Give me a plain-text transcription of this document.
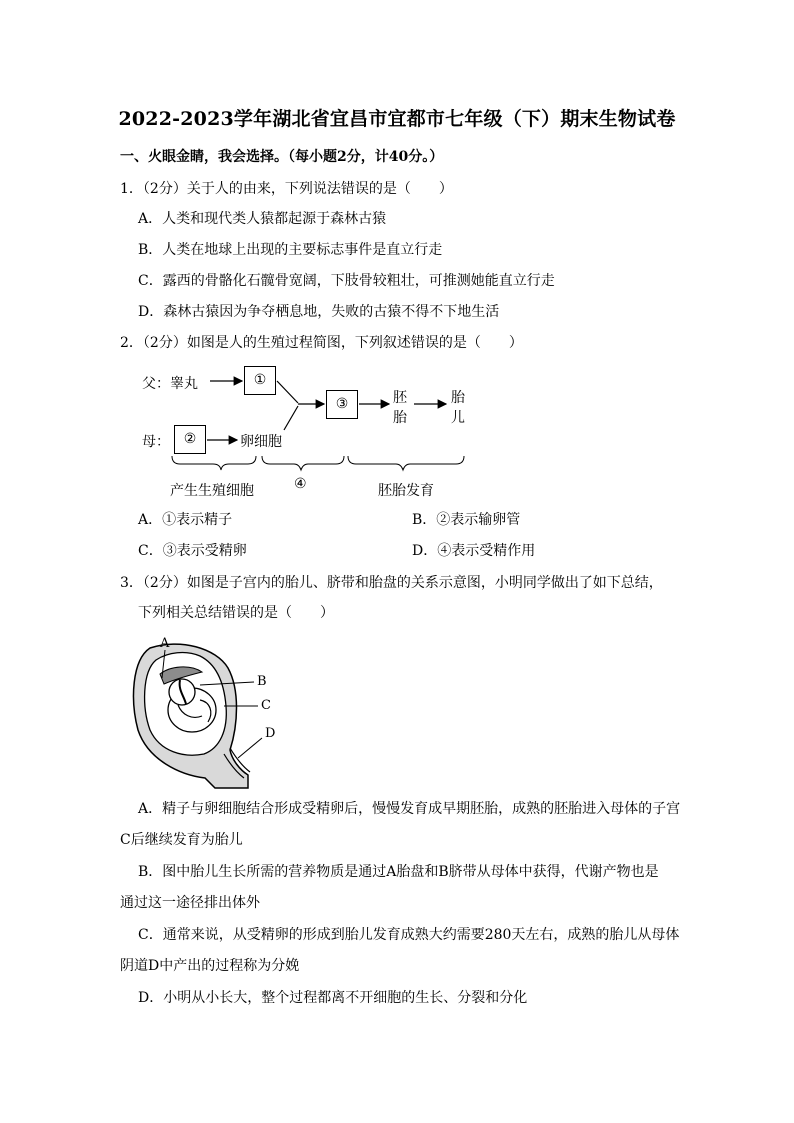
2022-2023学年湖北省宜昌市宜都市七年级（下）期末生物试卷
一、火眼金睛，我会选择。（每小题2分，计40分。）
1．（2分）关于人的由来，下列说法错误的是（　　）
A．人类和现代类人猿都起源于森林古猿
B．人类在地球上出现的主要标志事件是直立行走
C．露西的骨骼化石髋骨宽阔，下肢骨较粗壮，可推测她能直立行走
D．森林古猿因为争夺栖息地，失败的古猿不得不下地生活
2．（2分）如图是人的生殖过程简图，下列叙述错误的是（　　）
父：睾丸
母：	卵细胞
胚胎
胎儿
产生生殖细胞	④	胚胎发育
①
②
③
A．①表示精子	B．②表示输卵管
C．③表示受精卵	D．④表示受精作用
3．（2分）如图是子宫内的胎儿、脐带和胎盘的关系示意图，小明同学做出了如下总结，
下列相关总结错误的是（　　）
A
B
C
D
A．精子与卵细胞结合形成受精卵后，慢慢发育成早期胚胎，成熟的胚胎进入母体的子宫
C后继续发育为胎儿
B．图中胎儿生长所需的营养物质是通过A胎盘和B脐带从母体中获得，代谢产物也是
通过这一途径排出体外
C．通常来说，从受精卵的形成到胎儿发育成熟大约需要280天左右，成熟的胎儿从母体
阴道D中产出的过程称为分娩
D．小明从小长大，整个过程都离不开细胞的生长、分裂和分化
